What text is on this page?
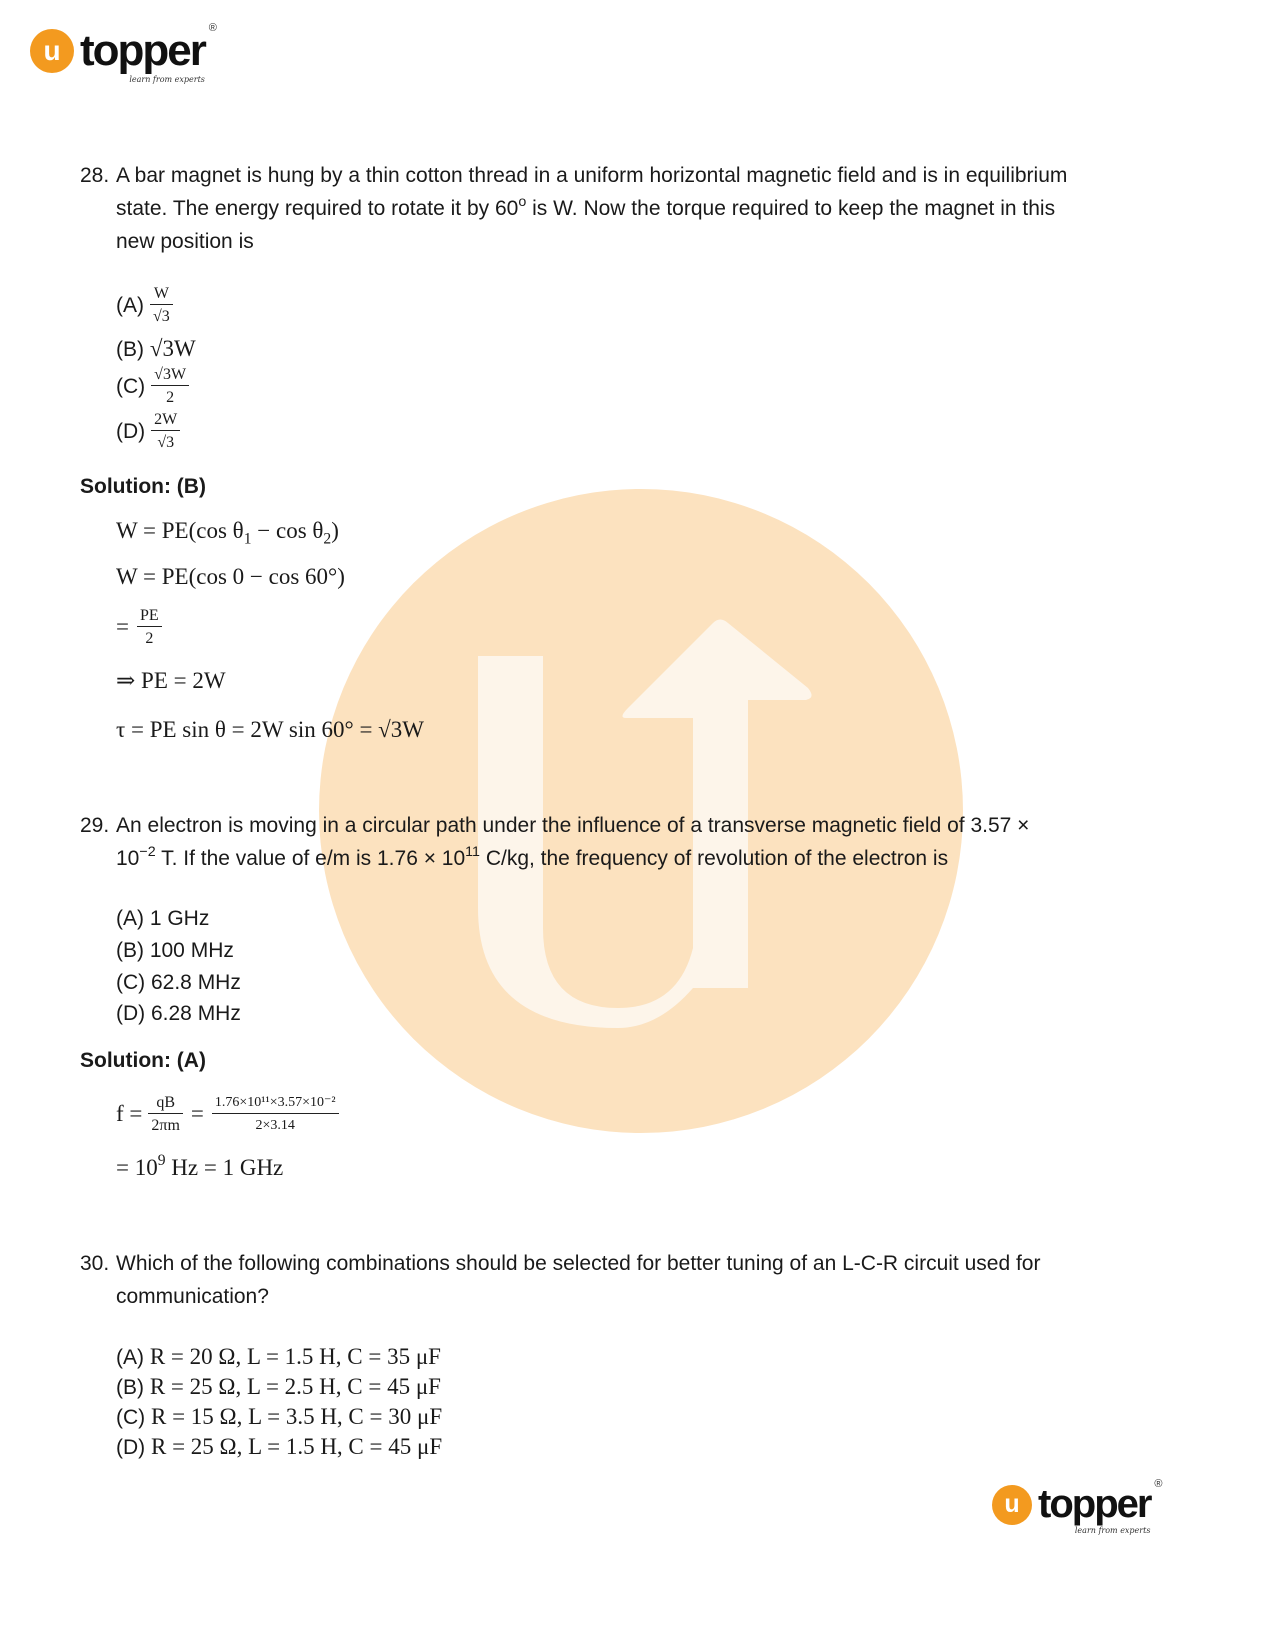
u topper ®
learn from experts
28. A bar magnet is hung by a thin cotton thread in a uniform horizontal magnetic field and is in equilibrium
state. The energy required to rotate it by 60$^o$ is W. Now the torque required to keep the magnet in this
new position is
$(A) \frac{W}{√3}$
(B) √3W
$(C) \frac{√3W}{2}$
$(D) \frac{2W}{√3}$
Solution: (B)
W = PE(cos $\theta_1 - \cos \theta_2$)
W = PE(cos 0 − cos 60°)
= $\frac{PE}{2}$
⇒ PE = 2W
τ = PE sin θ = 2W sin 60° = √3W
29. An electron is moving in a circular path under the influence of a transverse magnetic field of 3.57 ×
$10^{-2}$ T. If the value of e/m is $1.76 \times 10^{11}$ C/kg, the frequency of revolution of the electron is
(A) 1 GHz
(B) 100 MHz
(C) 62.8 MHz
(D) 6.28 MHz
Solution: (A)
$f = \frac{qB}{2\pi m} = \frac{\text{1.76×10¹¹×3.57×10⁻²}}{2\times 3.14}$
= $10^9$ Hz = 1 GHz
30. Which of the following combinations should be selected for better tuning of an L-C-R circuit used for
communication?
(A) R = 20 Ω, L = 1.5 H, C = 35 μF
(B) R = 25 Ω, L = 2.5 H, C = 45 μF
(C) R = 15 Ω, L = 3.5 H, C = 30 μF
(D) R = 25 Ω, L = 1.5 H, C = 45 μF
u topper ®
learn from experts
